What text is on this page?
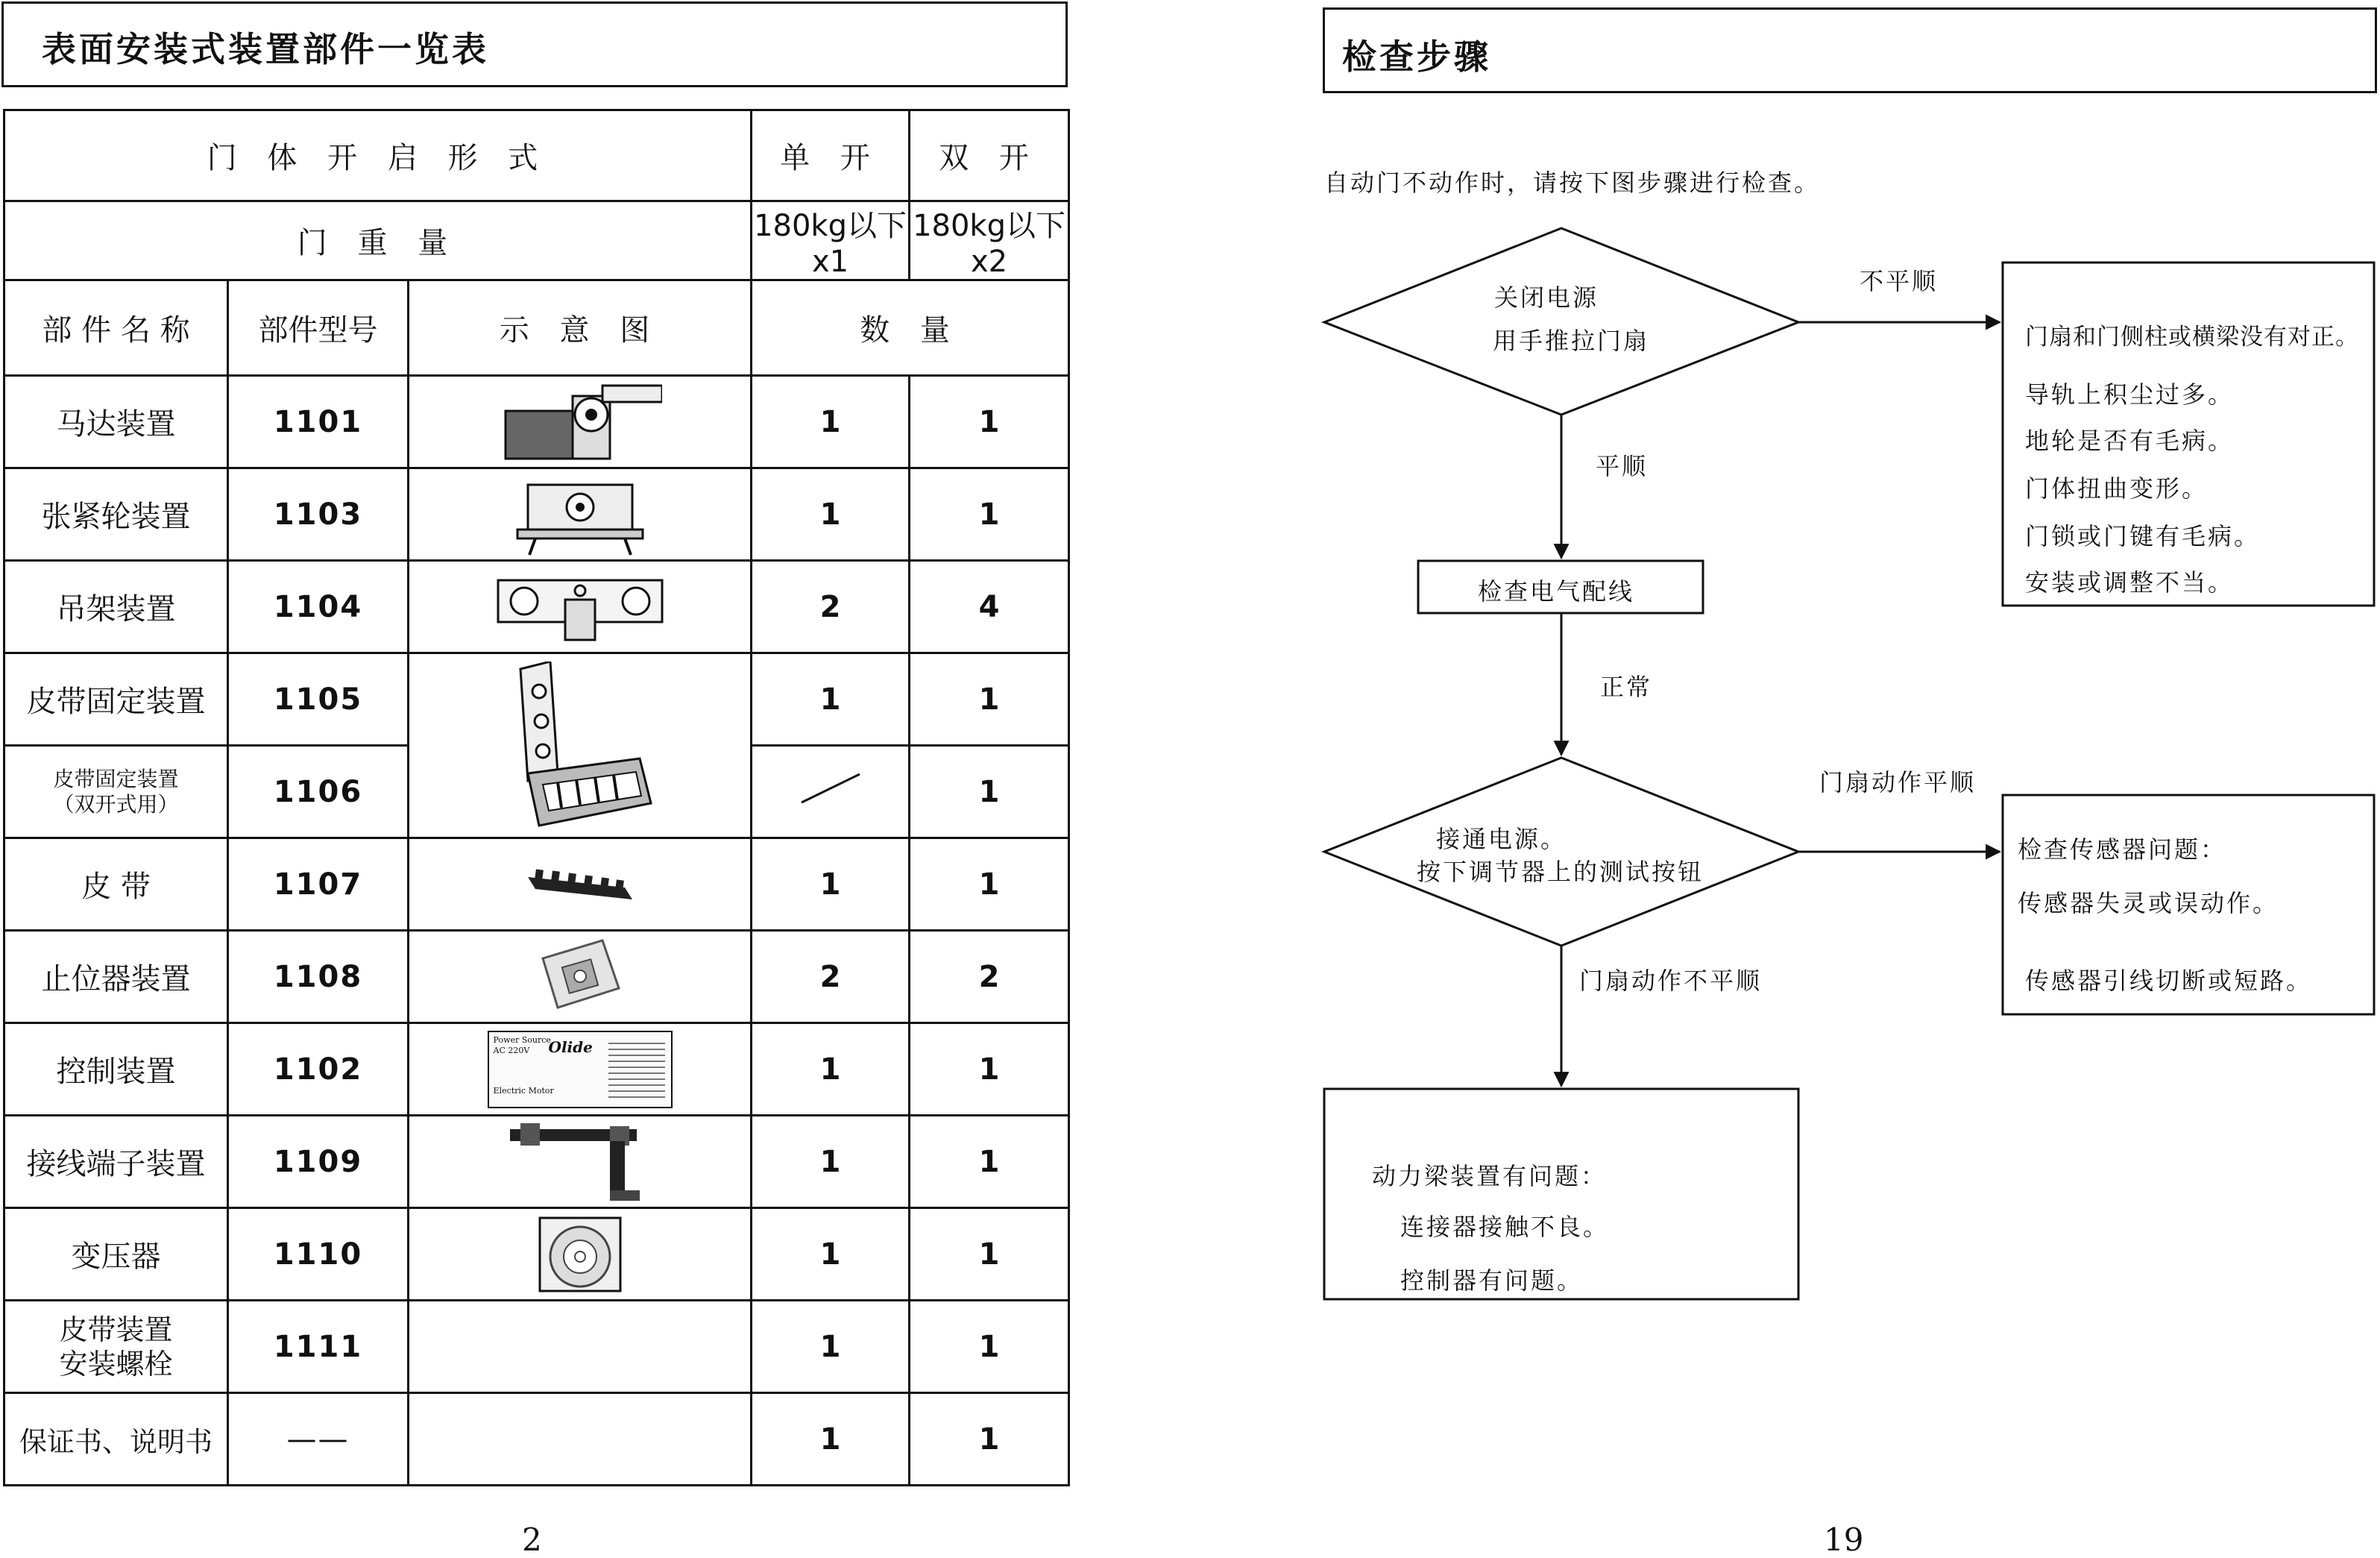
表面安装式装置部件一览表
门 体 开 启 形 式			单 开	双 开
门 重 量			180kg以下x1	180kg以下x2
部 件 名 称	部件型号	示 意 图	数 量	
马达装置	1101		1	1
张紧轮装置	1103		1	1
吊架装置	1104		2	4
皮带固定装置	1105		1	1

皮带固定装置
（双开式用）	1106			1
皮 带	1107		1	1
止位器装置	1108		2	2
控制装置	1102	Power Source
AC 220V Olide
Electric Motor	1	1
接线端子装置	1109		1	1
变压器	1110		1	1

皮带装置
安装螺栓	1111		1	1
保证书、说明书	——		1	1
2
检查步骤
自动门不动作时，请按下图步骤进行检查。
关闭电源
用手推拉门扇
不平顺
平顺
门扇和门侧柱或横梁没有对正。
导轨上积尘过多。
地轮是否有毛病。
门体扭曲变形。
门锁或门键有毛病。
安装或调整不当。
检查电气配线
正常
接通电源。
按下调节器上的测试按钮
门扇动作平顺
门扇动作不平顺
检查传感器问题：
传感器失灵或误动作。
传感器引线切断或短路。
动力梁装置有问题：
连接器接触不良。
控制器有问题。
19
